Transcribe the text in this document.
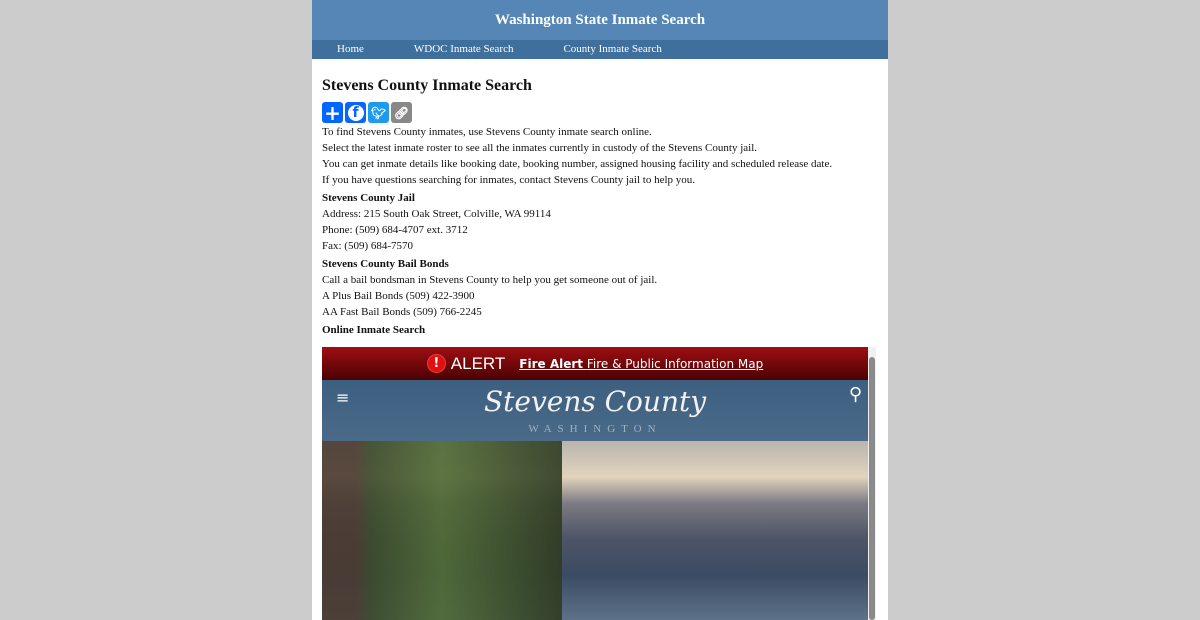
Washington State Inmate Search
Home	WDOC Inmate Search	County Inmate Search
Stevens County Inmate Search
+ f	🐦︎ 🔗︎

To find Stevens County inmates, use Stevens County inmate search online.

Select the latest inmate roster to see all the inmates currently in custody of the Stevens County jail.

You can get inmate details like booking date, booking number, assigned housing facility and scheduled release date.

If you have questions searching for inmates, contact Stevens County jail to help you.

Stevens County Jail

Address: 215 South Oak Street, Colville, WA 99114

Phone: (509) 684-4707 ext. 3712

Fax: (509) 684-7570

Stevens County Bail Bonds

Call a bail bondsman in Stevens County to help you get someone out of jail.

A Plus Bail Bonds (509) 422-3900

AA Fast Bail Bonds (509) 766-2245

Online Inmate Search

! ALERT Fire Alert Fire & Public Information Map
≡	⚲
Stevens County
WASHINGTON
